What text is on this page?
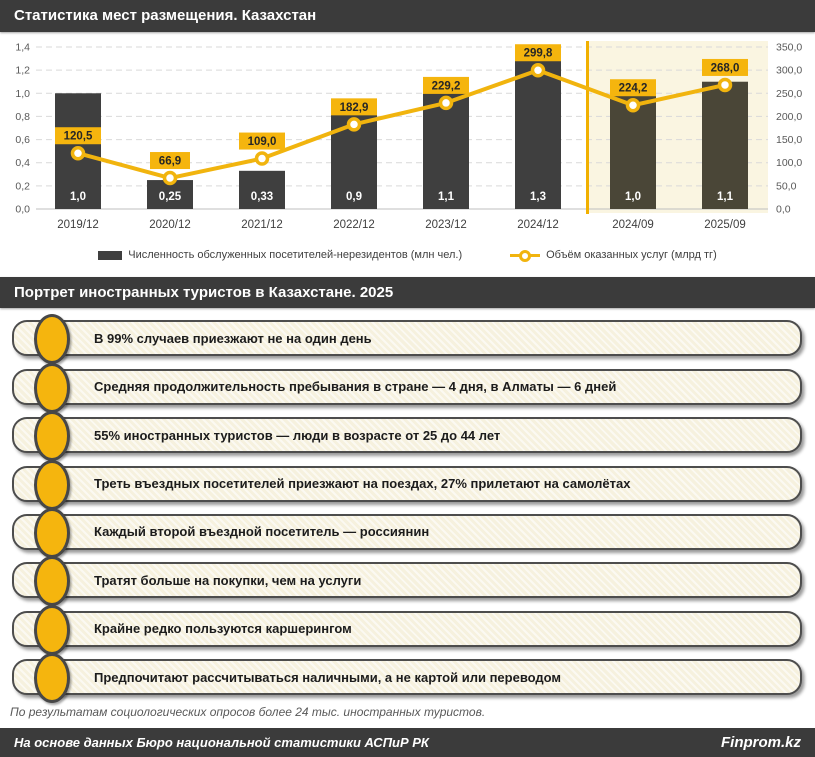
Статистика мест размещения. Казахстан
0,0	0,0
0,2	50,0
0,4	100,0
0,6	150,0
0,8	200,0
1,0	250,0
1,2	300,0
1,4	350,0
1,0	0,25	0,33	0,9	1,1	1,3	1,0	1,1
2019/12	2020/12	2021/12	2022/12	2023/12	2024/12	2024/09	2025/09
120,5
66,9
109,0
182,9
229,2
299,8
224,2
268,0
Численность обслуженных посетителей-нерезидентов (млн чел.)	Объём оказанных услуг (млрд тг)
Портрет иностранных туристов в Казахстане. 2025
В 99% случаев приезжают не на один день
Средняя продолжительность пребывания в стране — 4 дня, в Алматы — 6 дней
55% иностранных туристов — люди в возрасте от 25 до 44 лет
Треть въездных посетителей приезжают на поездах, 27% прилетают на самолётах
Каждый второй въездной посетитель — россиянин
Тратят больше на покупки, чем на услуги
Крайне редко пользуются каршерингом
Предпочитают рассчитываться наличными, а не картой или переводом
По результатам социологических опросов более 24 тыс. иностранных туристов.
На основе данных Бюро национальной статистики АСПиР РК	Finprom.kz
